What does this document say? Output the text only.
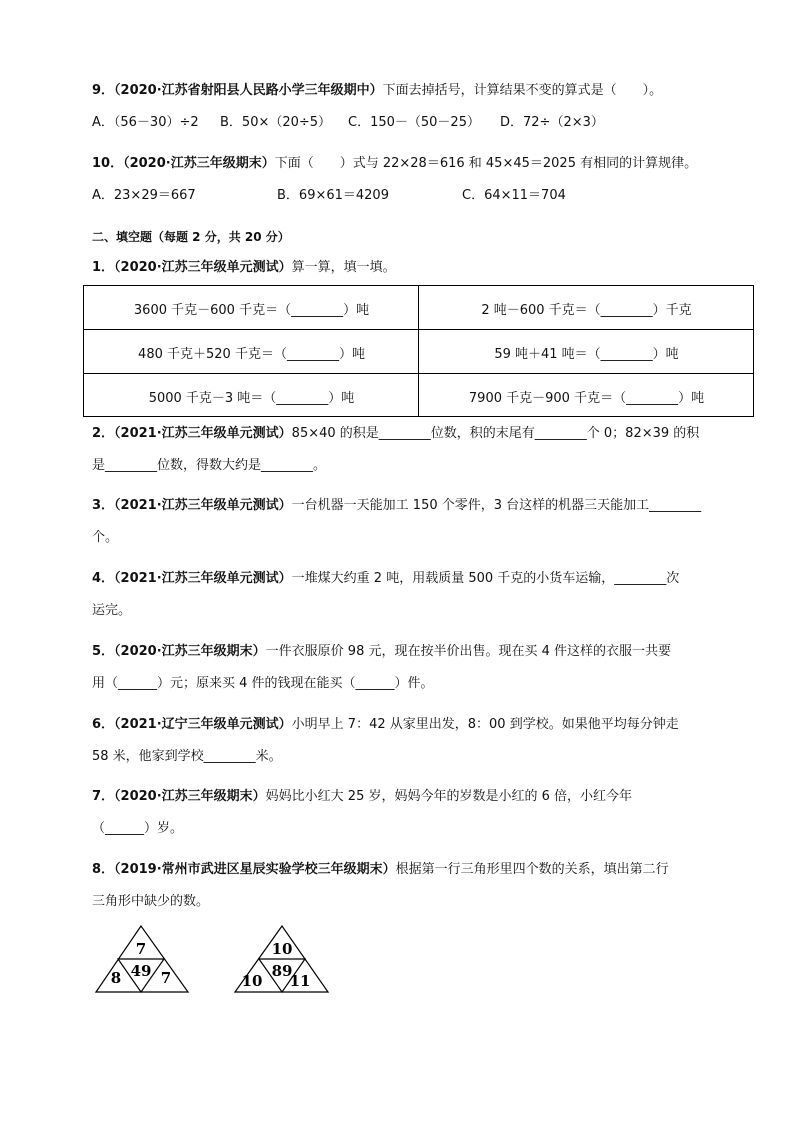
9．（2020·江苏省射阳县人民路小学三年级期中）下面去掉括号，计算结果不变的算式是（　　）。
A．（56－30）÷2 B．50×（20÷5） C．150－（50－25） D．72÷（2×3）
10．（2020·江苏三年级期末）下面（　　）式与 22×28＝616 和 45×45＝2025 有相同的计算规律。
A．23×29＝667	B．69×61＝4209	C．64×11＝704
二、填空题（每题 2 分，共 20 分）
1．（2020·江苏三年级单元测试）算一算，填一填。
3600 千克－600 千克＝（________）吨	2 吨－600 千克＝（________）千克
480 千克＋520 千克＝（________）吨	59 吨＋41 吨＝（________）吨
5000 千克－3 吨＝（________）吨	7900 千克－900 千克＝（________）吨
2．（2021·江苏三年级单元测试）85×40 的积是________位数，积的末尾有________个 0；82×39 的积
是________位数，得数大约是________。
3．（2021·江苏三年级单元测试）一台机器一天能加工 150 个零件，3 台这样的机器三天能加工________
个。
4．（2021·江苏三年级单元测试）一堆煤大约重 2 吨，用载质量 500 千克的小货车运输，________次
运完。
5．（2020·江苏三年级期末）一件衣服原价 98 元，现在按半价出售。现在买 4 件这样的衣服一共要
用（______）元；原来买 4 件的钱现在能买（______）件。
6．（2021·辽宁三年级单元测试）小明早上 7：42 从家里出发，8：00 到学校。如果他平均每分钟走
58 米，他家到学校________米。
7．（2020·江苏三年级期末）妈妈比小红大 25 岁，妈妈今年的岁数是小红的 6 倍，小红今年
（______）岁。
8．（2019·常州市武进区星辰实验学校三年级期末）根据第一行三角形里四个数的关系，填出第二行
三角形中缺少的数。
7
8 49 7
10
10
89
11
